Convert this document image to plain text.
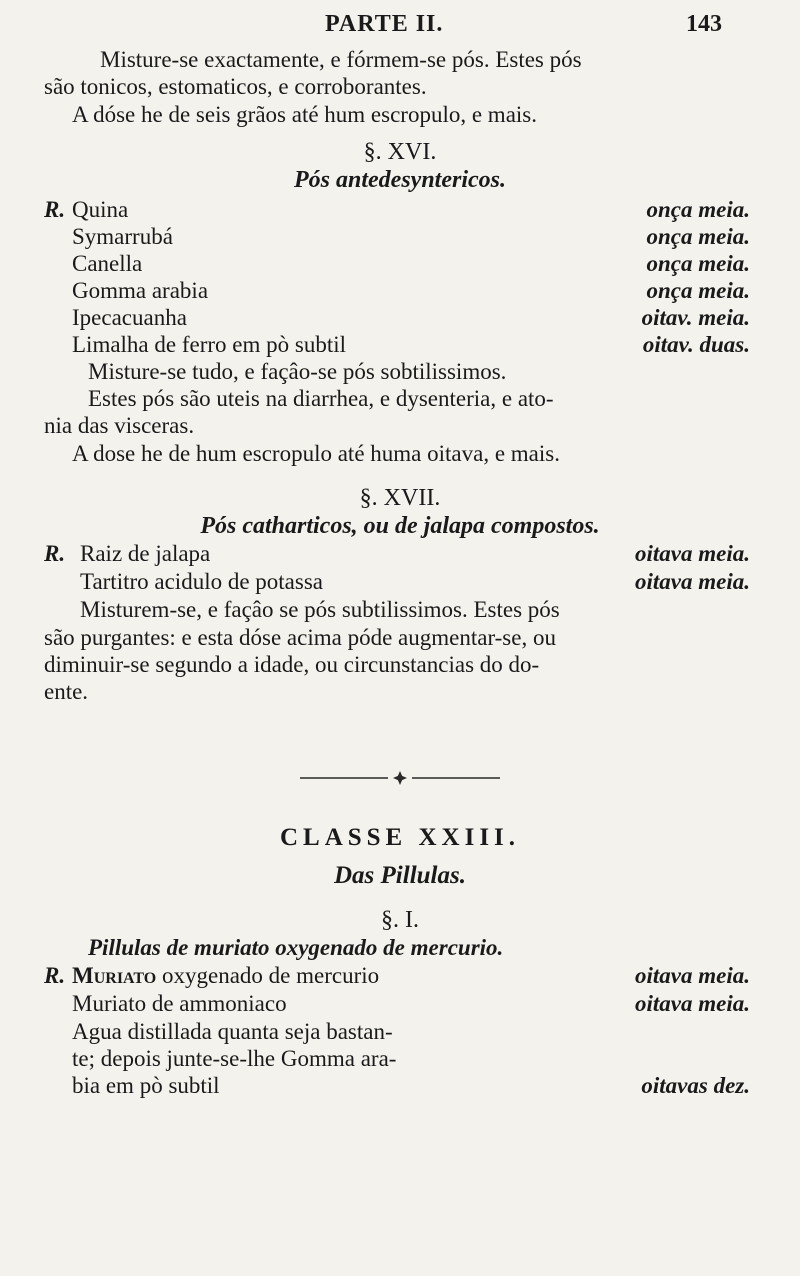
PARTE II.	143
Misture-se exactamente, e fórmem-se pós. Estes pós
são tonicos, estomaticos, e corroborantes.
A dóse he de seis grãos até hum escropulo, e mais.
§. XVI.
Pós antedesyntericos.
R. Quina	onça meia.
Symarrubá	onça meia.
Canella	onça meia.
Gomma arabia	onça meia.
Ipecacuanha	oitav. meia.
Limalha de ferro em pò subtil	oitav. duas.
Misture-se tudo, e façâo-se pós sobtilissimos.
Estes pós são uteis na diarrhea, e dysenteria, e ato-
nia das visceras.
A dose he de hum escropulo até huma oitava, e mais.
§. XVII.
Pós catharticos, ou de jalapa compostos.
R. Raiz de jalapa	oitava meia.
Tartitro acidulo de potassa	oitava meia.
Misturem-se, e façâo se pós subtilissimos. Estes pós
são purgantes: e esta dóse acima póde augmentar-se, ou
diminuir-se segundo a idade, ou circunstancias do do-
ente.
CLASSE XXIII.
Das Pillulas.
§. I.
Pillulas de muriato oxygenado de mercurio.
R. Muriato oxygenado de mercurio	oitava meia.
Muriato de ammoniaco	oitava meia.
Agua distillada quanta seja bastan-
te; depois junte-se-lhe Gomma ara-
bia em pò subtil	oitavas dez.
